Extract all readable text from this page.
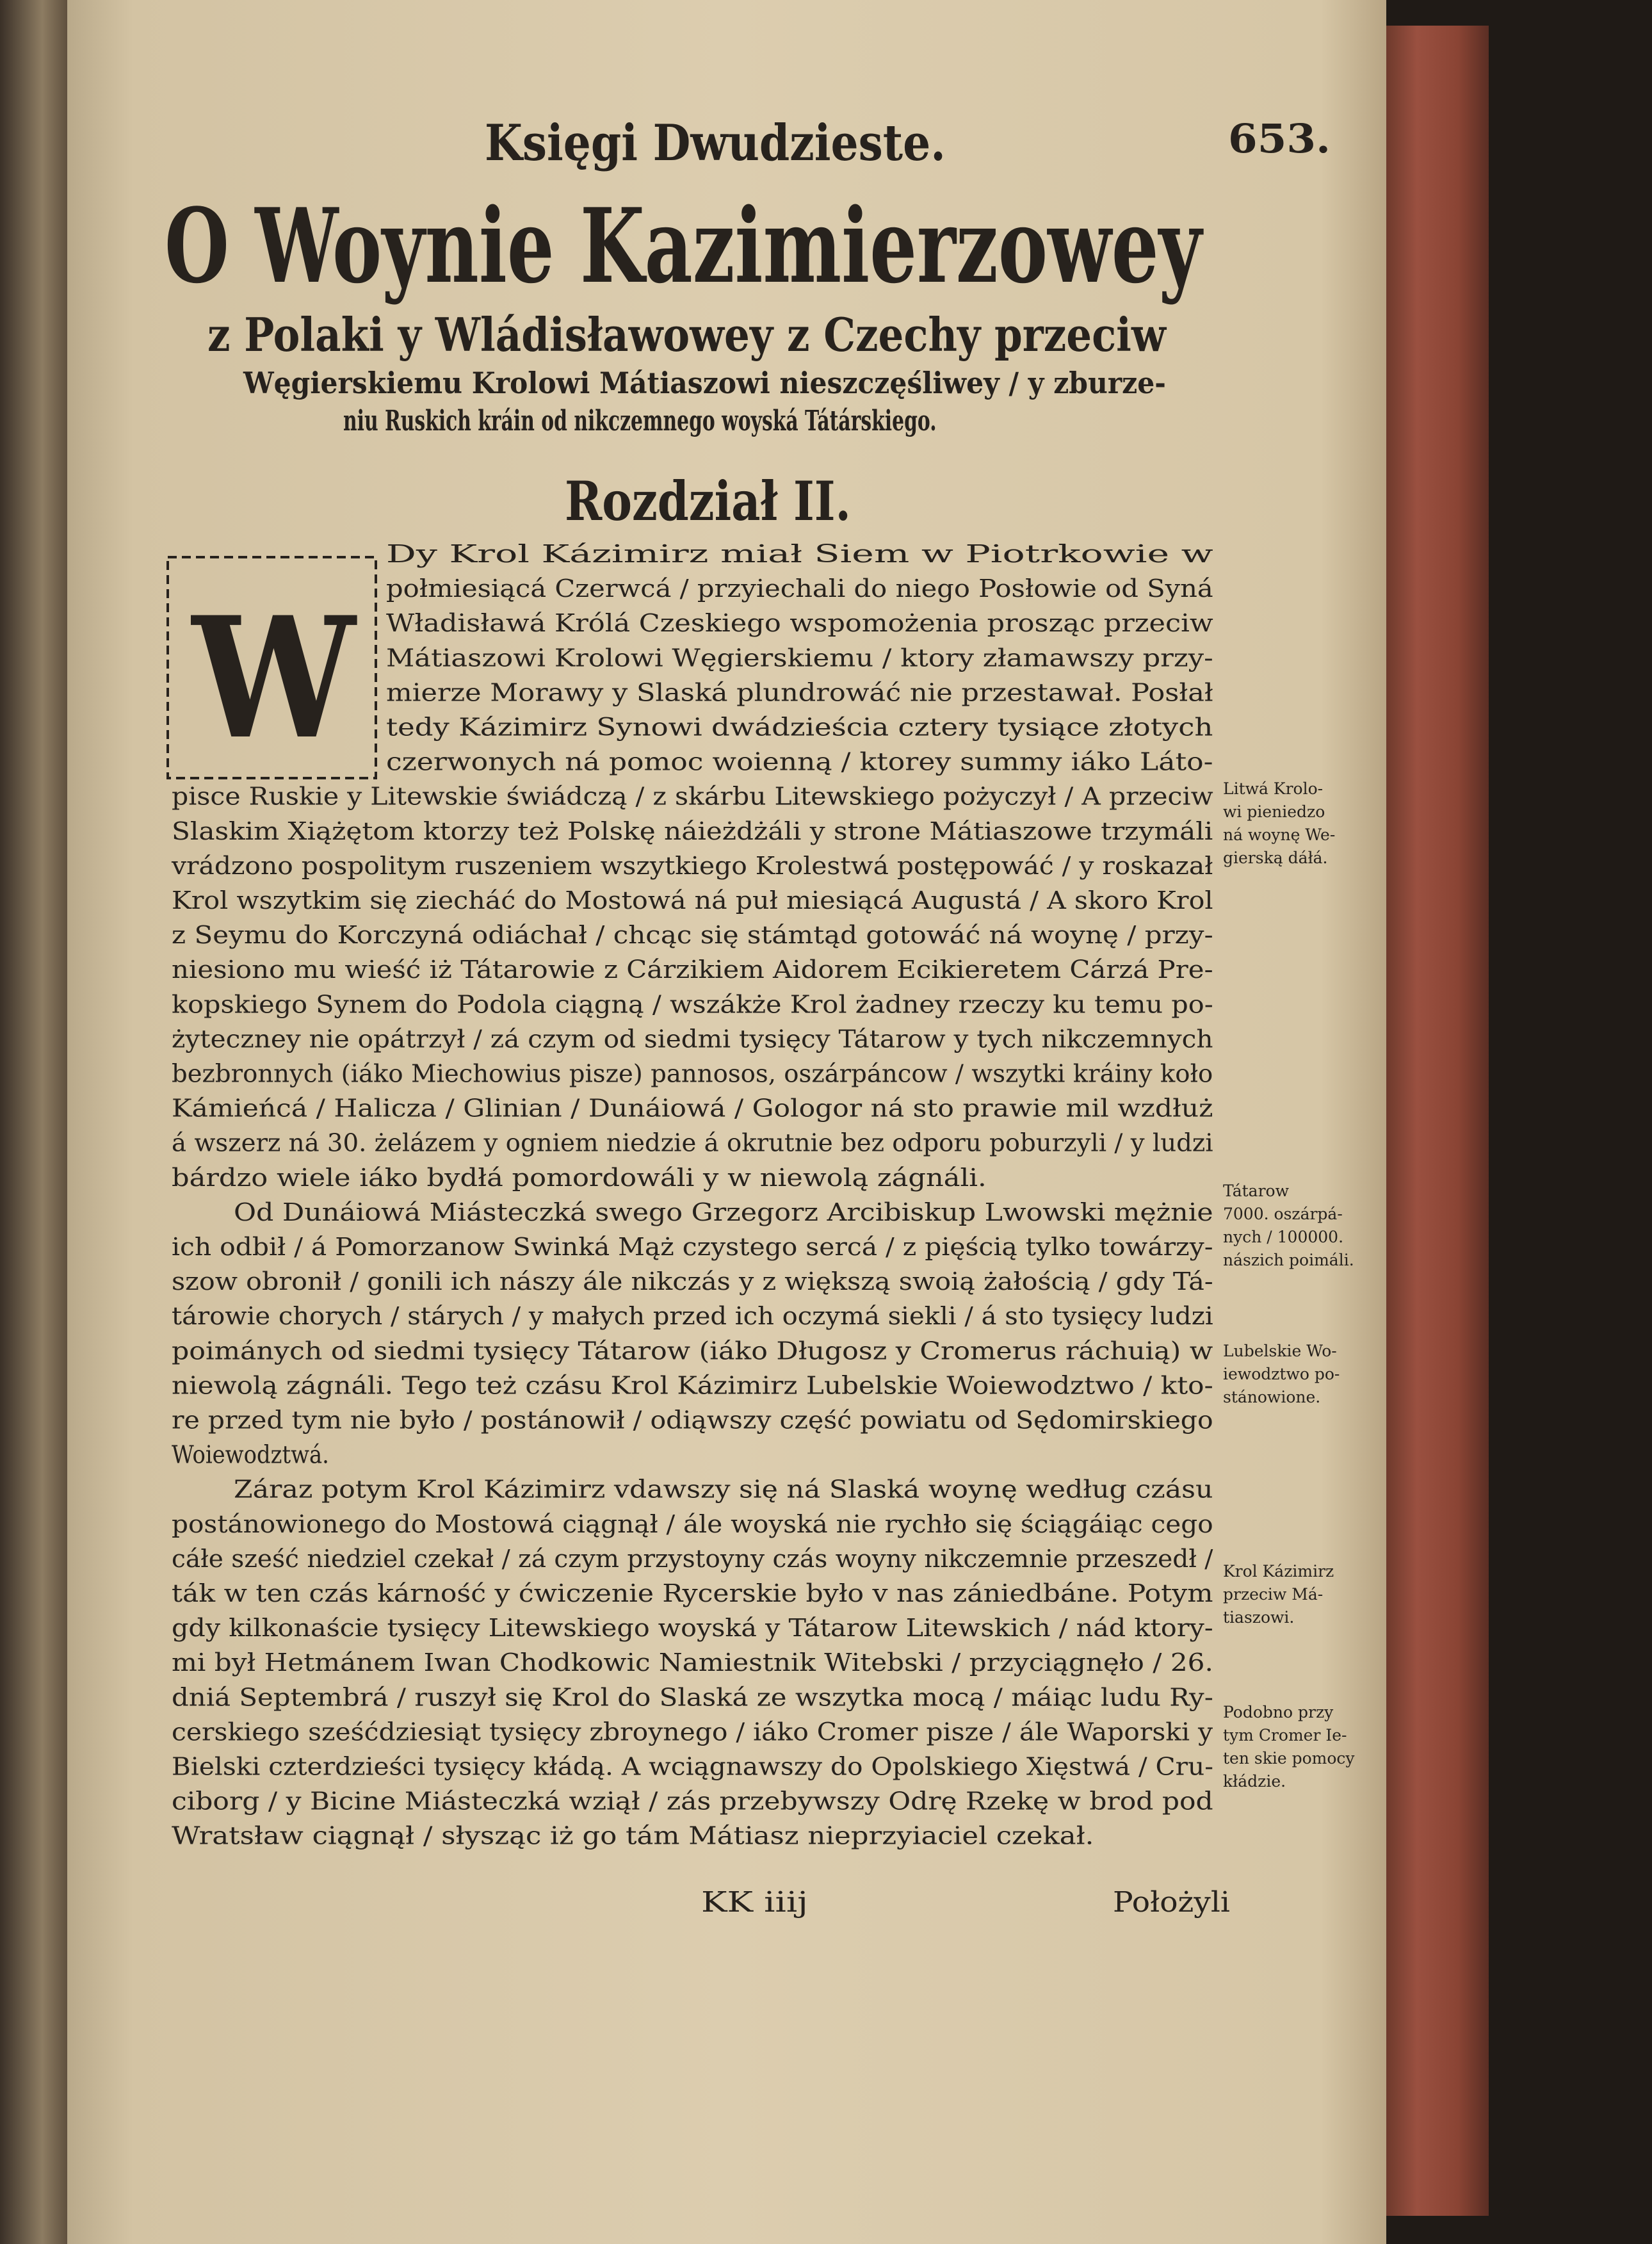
Księgi Dwudzieste.	653.
O Woynie Kazimierzowey
z Polaki y Wládisławowey z Czechy przeciw
Węgierskiemu Krolowi Mátiaszowi nieszczęśliwey / y zburze-
niu Ruskich kráin od nikczemnego woyská Tátárskiego.
Rozdział II.
W
Dy Krol Kázimirz miał Siem w Piotrkowie w
połmiesiącá Czerwcá / przyiechali do niego Posłowie od Syná
Władisławá Królá Czeskiego wspomożenia prosząc przeciw
Mátiaszowi Krolowi Węgierskiemu / ktory złamawszy przy-
mierze Morawy y Slaská plundrowáć nie przestawał. Posłał
tedy Kázimirz Synowi dwádzieścia cztery tysiące złotych
czerwonych ná pomoc woienną / ktorey summy iáko Láto-
pisce Ruskie y Litewskie świádczą / z skárbu Litewskiego pożyczył / A przeciw
Slaskim Xiążętom ktorzy też Polskę náieżdżáli y strone Mátiaszowe trzymáli
vrádzono pospolitym ruszeniem wszytkiego Krolestwá postępowáć / y roskazał
Krol wszytkim się ziecháć do Mostowá ná puł miesiącá Augustá / A skoro Krol
z Seymu do Korczyná odiáchał / chcąc się stámtąd gotowáć ná woynę / przy-
niesiono mu wieść iż Tátarowie z Cárzikiem Aidorem Ecikieretem Cárzá Pre-
kopskiego Synem do Podola ciągną / wszákże Krol żadney rzeczy ku temu po-
żyteczney nie opátrzył / zá czym od siedmi tysięcy Tátarow y tych nikczemnych
bezbronnych (iáko Miechowius pisze) pannosos, oszárpáncow / wszytki kráiny koło
Kámieńcá / Halicza / Glinian / Dunáiowá / Gologor ná sto prawie mil wzdłuż
á wszerz ná 30. żelázem y ogniem niedzie á okrutnie bez odporu poburzyli / y ludzi
bárdzo wiele iáko bydłá pomordowáli y w niewolą zágnáli.
Od Dunáiowá Miásteczká swego Grzegorz Arcibiskup Lwowski mężnie
ich odbił / á Pomorzanow Swinká Mąż czystego sercá / z pięścią tylko towárzy-
szow obronił / gonili ich nászy ále nikczás y z większą swoią żałością / gdy Tá-
tárowie chorych / stárych / y małych przed ich oczymá siekli / á sto tysięcy ludzi
poimánych od siedmi tysięcy Tátarow (iáko Długosz y Cromerus ráchuią) w
niewolą zágnáli. Tego też czásu Krol Kázimirz Lubelskie Woiewodztwo / kto-
re przed tym nie było / postánowił / odiąwszy część powiatu od Sędomirskiego
Woiewodztwá.
Záraz potym Krol Kázimirz vdawszy się ná Slaská woynę według czásu
postánowionego do Mostowá ciągnął / ále woyská nie rychło się ściągáiąc cego
cáłe sześć niedziel czekał / zá czym przystoyny czás woyny nikczemnie przeszedł /
ták w ten czás kárność y ćwiczenie Rycerskie było v nas zániedbáne. Potym
gdy kilkonaście tysięcy Litewskiego woyská y Tátarow Litewskich / nád ktory-
mi był Hetmánem Iwan Chodkowic Namiestnik Witebski / przyciągnęło / 26.
dniá Septembrá / ruszył się Krol do Slaská ze wszytka mocą / máiąc ludu Ry-
cerskiego sześćdziesiąt tysięcy zbroynego / iáko Cromer pisze / ále Waporski y
Bielski czterdzieści tysięcy kłádą. A wciągnawszy do Opolskiego Xięstwá / Cru-
ciborg / y Bicine Miásteczká wziął / zás przebywszy Odrę Rzekę w brod pod
Wratsław ciągnął / słysząc iż go tám Mátiasz nieprzyiaciel czekał.
Litwá Krolo-
wi pieniedzo
ná woynę We-
gierską dáłá.
Tátarow
7000. oszárpá-
nych / 100000.
nászich poimáli.
Lubelskie Wo-
iewodztwo po-
stánowione.
Krol Kázimirz
przeciw Má-
tiaszowi.
Podobno przy
tym Cromer Ie-
ten skie pomocy
kłádzie.
KK iiij	Położyli
